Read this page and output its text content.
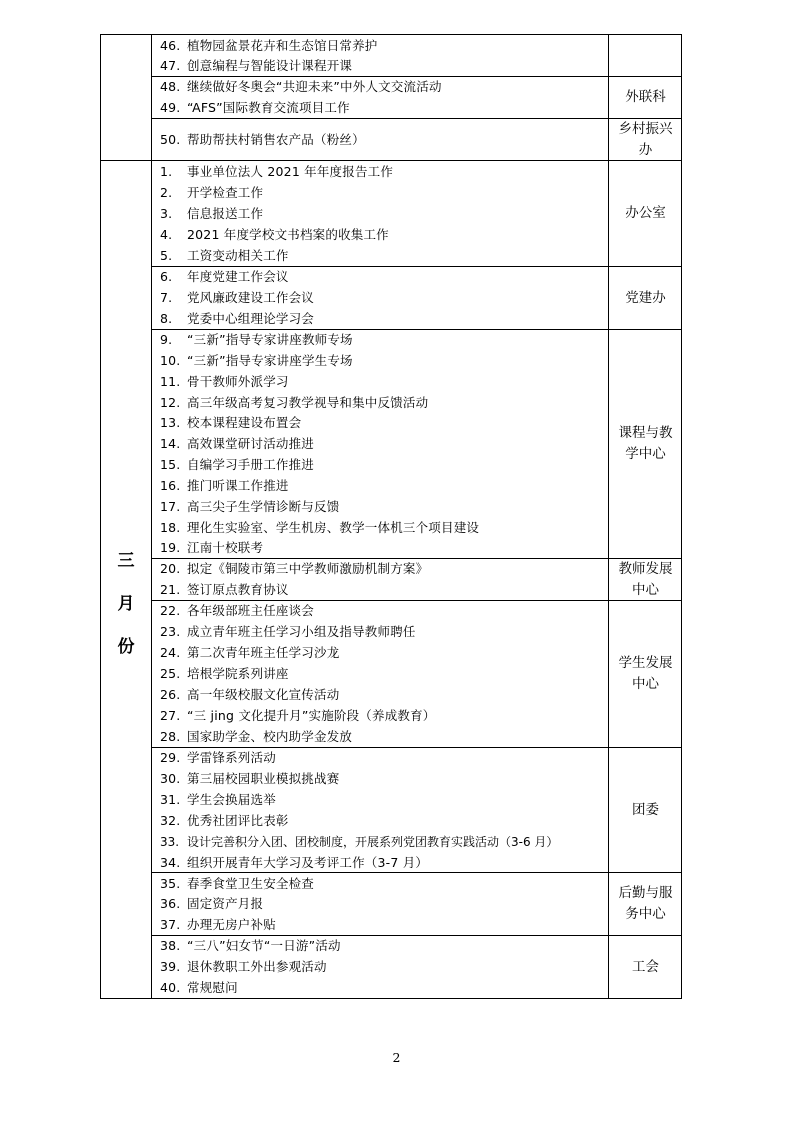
三
月
份
46. 植物园盆景花卉和生态馆日常养护
47. 创意编程与智能设计课程开课
48. 继续做好冬奥会“共迎未来”中外人文交流活动
49. “AFS”国际教育交流项目工作
50. 帮助帮扶村销售农产品（粉丝）
外联科
乡村振兴办
1. 事业单位法人 2021 年年度报告工作
2. 开学检查工作
3. 信息报送工作
4. 2021 年度学校文书档案的收集工作
5. 工资变动相关工作
6. 年度党建工作会议
7. 党风廉政建设工作会议
8. 党委中心组理论学习会
9. “三新”指导专家讲座教师专场
10. “三新”指导专家讲座学生专场
11. 骨干教师外派学习
12. 高三年级高考复习教学视导和集中反馈活动
13. 校本课程建设布置会
14. 高效课堂研讨活动推进
15. 自编学习手册工作推进
16. 推门听课工作推进
17. 高三尖子生学情诊断与反馈
18. 理化生实验室、学生机房、教学一体机三个项目建设
19. 江南十校联考
20. 拟定《铜陵市第三中学教师激励机制方案》
21. 签订原点教育协议
22. 各年级部班主任座谈会
23. 成立青年班主任学习小组及指导教师聘任
24. 第二次青年班主任学习沙龙
25. 培根学院系列讲座
26. 高一年级校服文化宣传活动
27. “三 jing 文化提升月”实施阶段（养成教育）
28. 国家助学金、校内助学金发放
29. 学雷锋系列活动
30. 第三届校园职业模拟挑战赛
31. 学生会换届选举
32. 优秀社团评比表彰
33. 设计完善积分入团、团校制度，开展系列党团教育实践活动（3-6 月）
34. 组织开展青年大学习及考评工作（3-7 月）
35. 春季食堂卫生安全检查
36. 固定资产月报
37. 办理无房户补贴
38. “三八”妇女节“一日游”活动
39. 退休教职工外出参观活动
40. 常规慰问
办公室
党建办
课程与教学中心
教师发展中心
学生发展中心
团委
后勤与服务中心
工会
2
